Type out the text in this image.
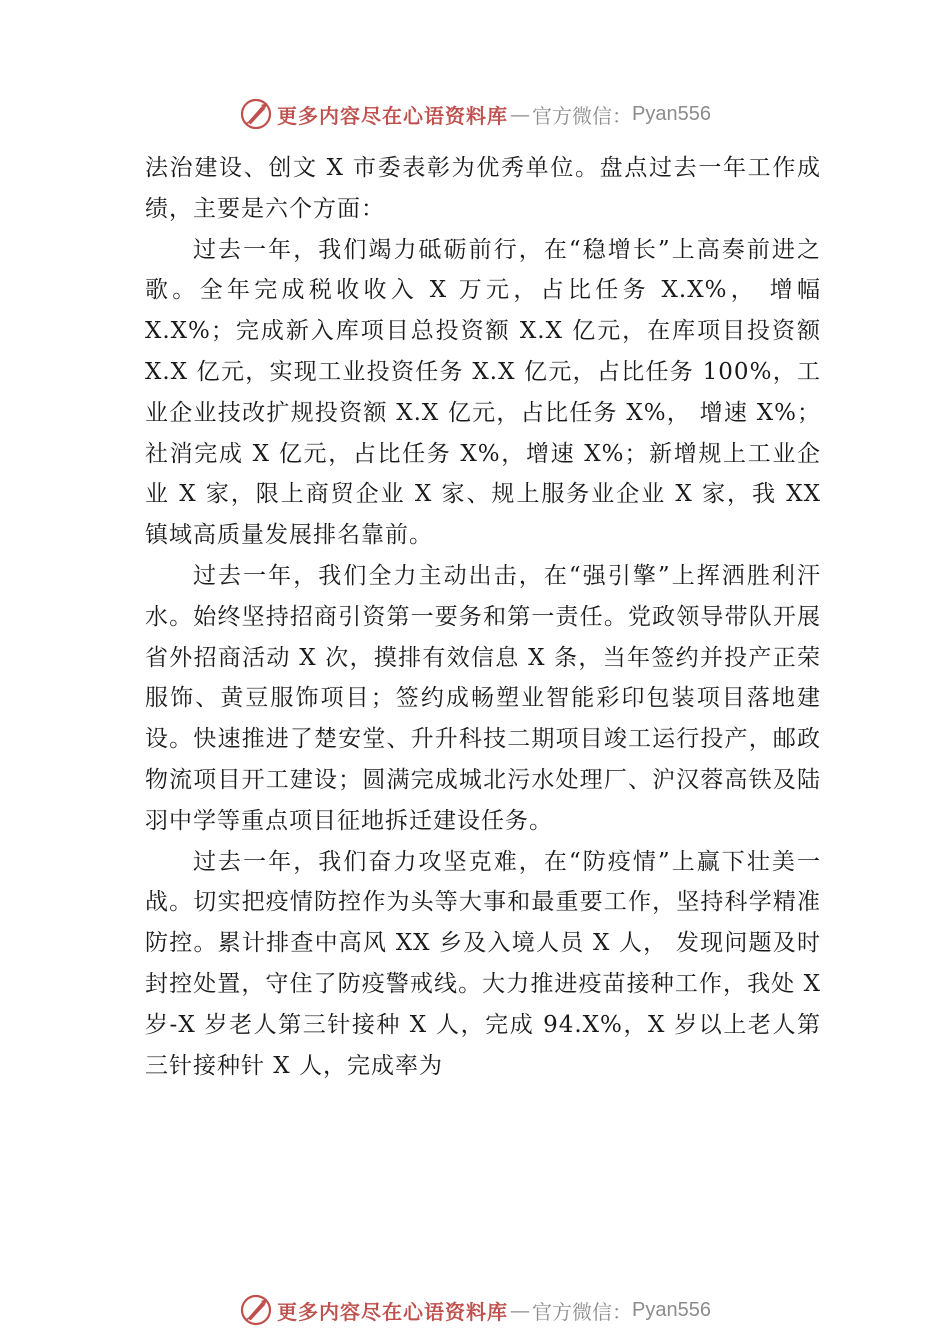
更多内容尽在心语资料库 — 官方微信： Pyan556

法治建设、创文 X 市委表彰为优秀单位。盘点过去一年工作成绩，主要是六个方面：

过去一年，我们竭力砥砺前行，在“稳增长”上高奏前进之歌。全年完成税收收入 X 万元，占比任务 X.X%， 增幅 X.X%；完成新入库项目总投资额 X.X 亿元，在库项目投资额 X.X 亿元，实现工业投资任务 X.X 亿元，占比任务 100%，工业企业技改扩规投资额 X.X 亿元，占比任务 X%， 增速 X%；社消完成 X 亿元，占比任务 X%，增速 X%；新增规上工业企业 X 家，限上商贸企业 X 家、规上服务业企业 X 家，我 XX 镇域高质量发展排名靠前。

过去一年，我们全力主动出击，在“强引擎”上挥洒胜利汗水。始终坚持招商引资第一要务和第一责任。党政领导带队开展省外招商活动 X 次，摸排有效信息 X 条，当年签约并投产正荣服饰、黄豆服饰项目；签约成畅塑业智能彩印包装项目落地建设。快速推进了楚安堂、升升科技二期项目竣工运行投产，邮政物流项目开工建设；圆满完成城北污水处理厂、沪汉蓉高铁及陆羽中学等重点项目征地拆迁建设任务。

过去一年，我们奋力攻坚克难，在“防疫情”上赢下壮美一战。切实把疫情防控作为头等大事和最重要工作，坚持科学精准防控。累计排查中高风 XX 乡及入境人员 X 人， 发现问题及时封控处置，守住了防疫警戒线。大力推进疫苗接种工作，我处 X 岁-X 岁老人第三针接种 X 人，完成 94.X%，X 岁以上老人第三针接种针 X 人，完成率为

更多内容尽在心语资料库 — 官方微信： Pyan556
